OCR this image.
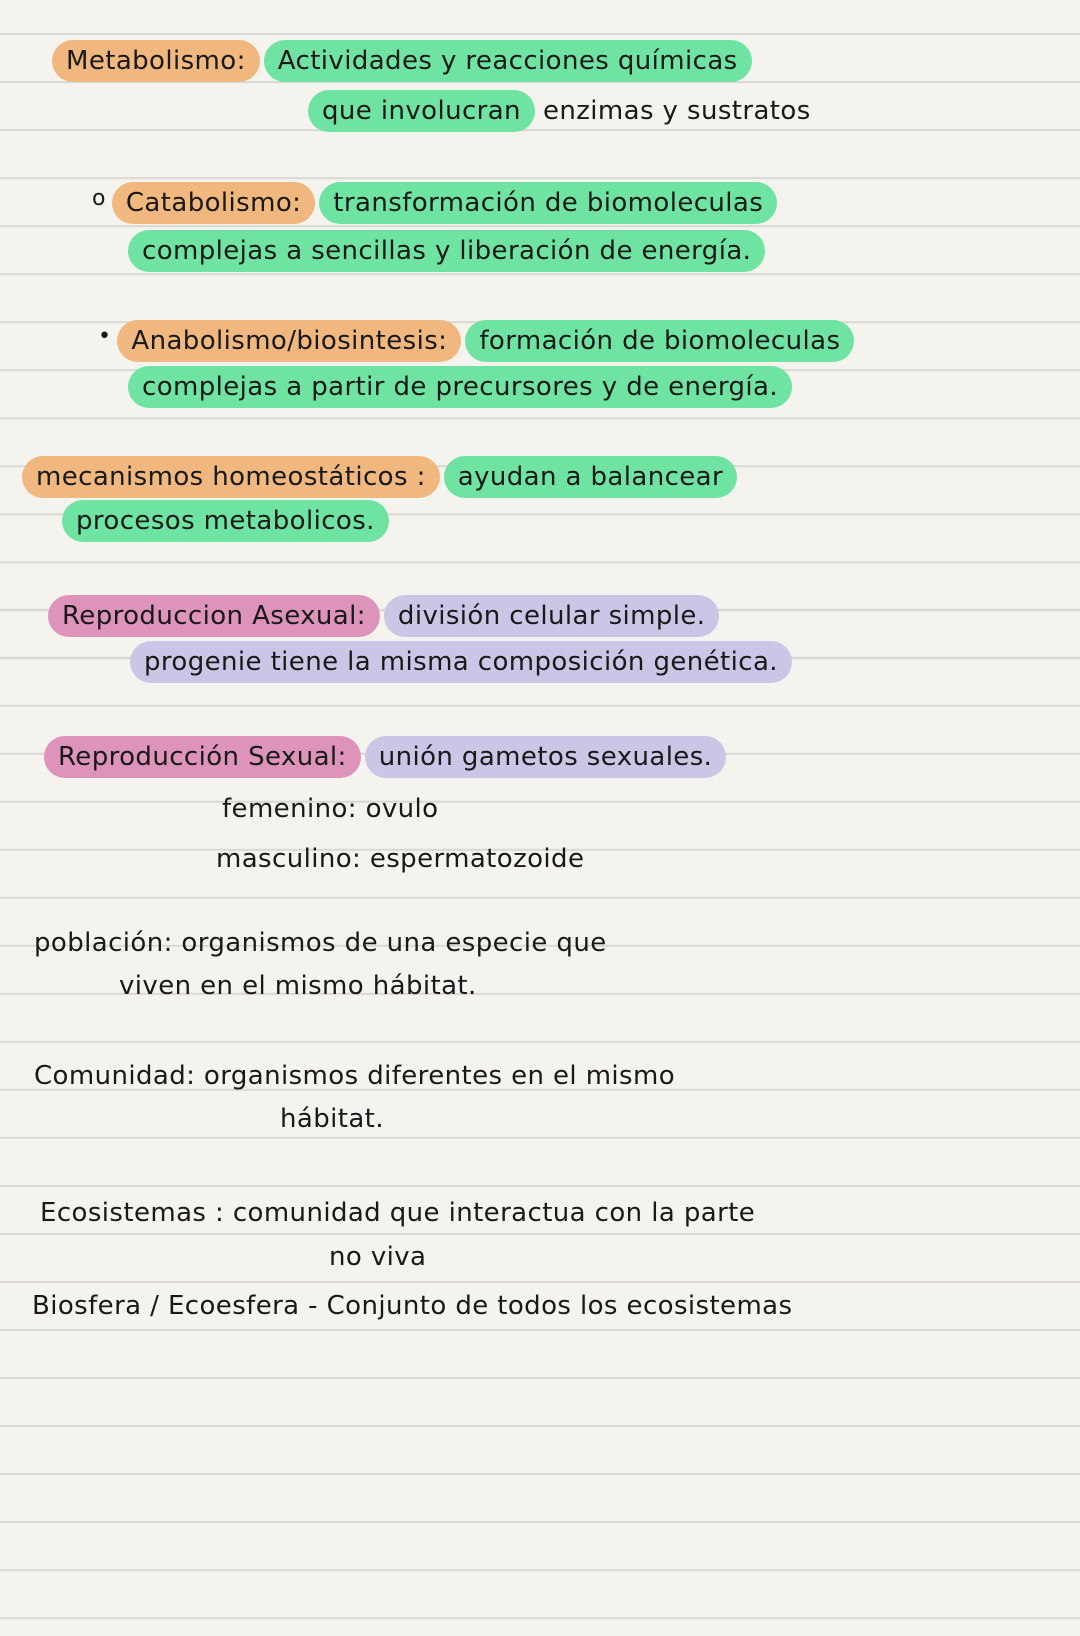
Metabolismo: Actividades y reacciones químicas
que involucran enzimas y sustratos
o Catabolismo: transformación de biomoleculas
complejas a sencillas y liberación de energía.
• Anabolismo/biosintesis: formación de biomoleculas
complejas a partir de precursores y de energía.
mecanismos homeostáticos : ayudan a balancear
procesos metabolicos.
Reproduccion Asexual: división celular simple.
progenie tiene la misma composición genética.
Reproducción Sexual: unión gametos sexuales.
femenino: ovulo
masculino: espermatozoide
población: organismos de una especie que
viven en el mismo hábitat.
Comunidad: organismos diferentes en el mismo
hábitat.
Ecosistemas : comunidad que interactua con la parte
no viva
Biosfera / Ecoesfera - Conjunto de todos los ecosistemas
